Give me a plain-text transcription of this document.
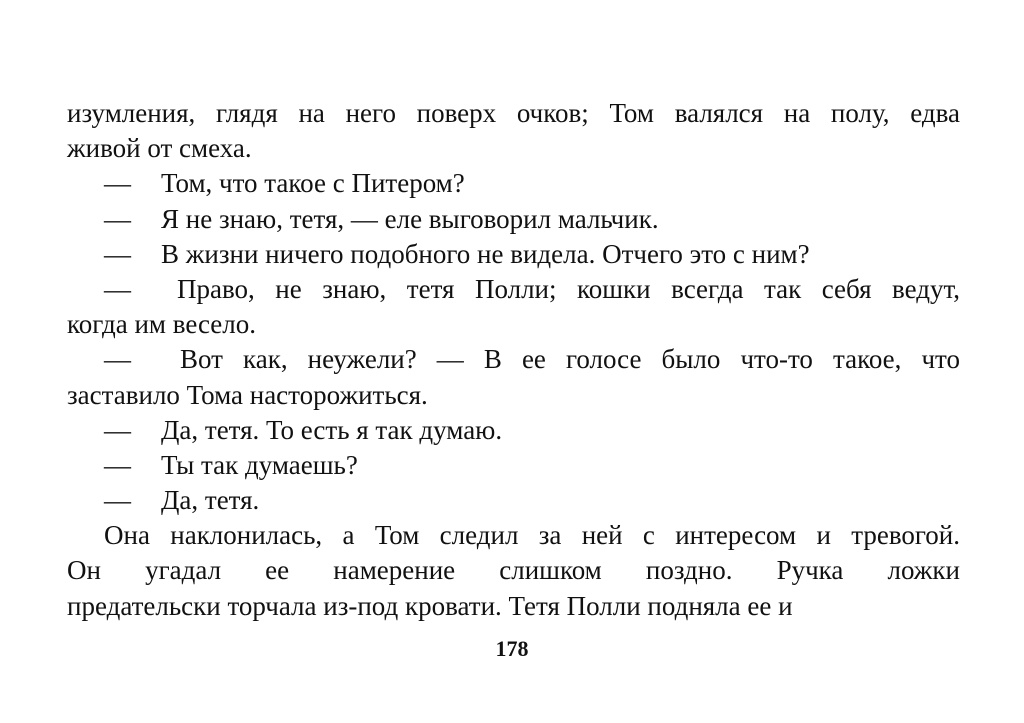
изумления, глядя на него поверх очков; Том валялся на полу, едва
живой от смеха.
— Том, что такое с Питером?
— Я не знаю, тетя, — еле выговорил мальчик.
— В жизни ничего подобного не видела. Отчего это с ним?
— Право, не знаю, тетя Полли; кошки всегда так себя ведут,
когда им весело.
— Вот как, неужели? — В ее голосе было что-то такое, что
заставило Тома насторожиться.
— Да, тетя. То есть я так думаю.
— Ты так думаешь?
— Да, тетя.
Она наклонилась, а Том следил за ней с интересом и тревогой.
Он угадал ее намерение слишком поздно. Ручка ложки
предательски торчала из-под кровати. Тетя Полли подняла ее и
178
